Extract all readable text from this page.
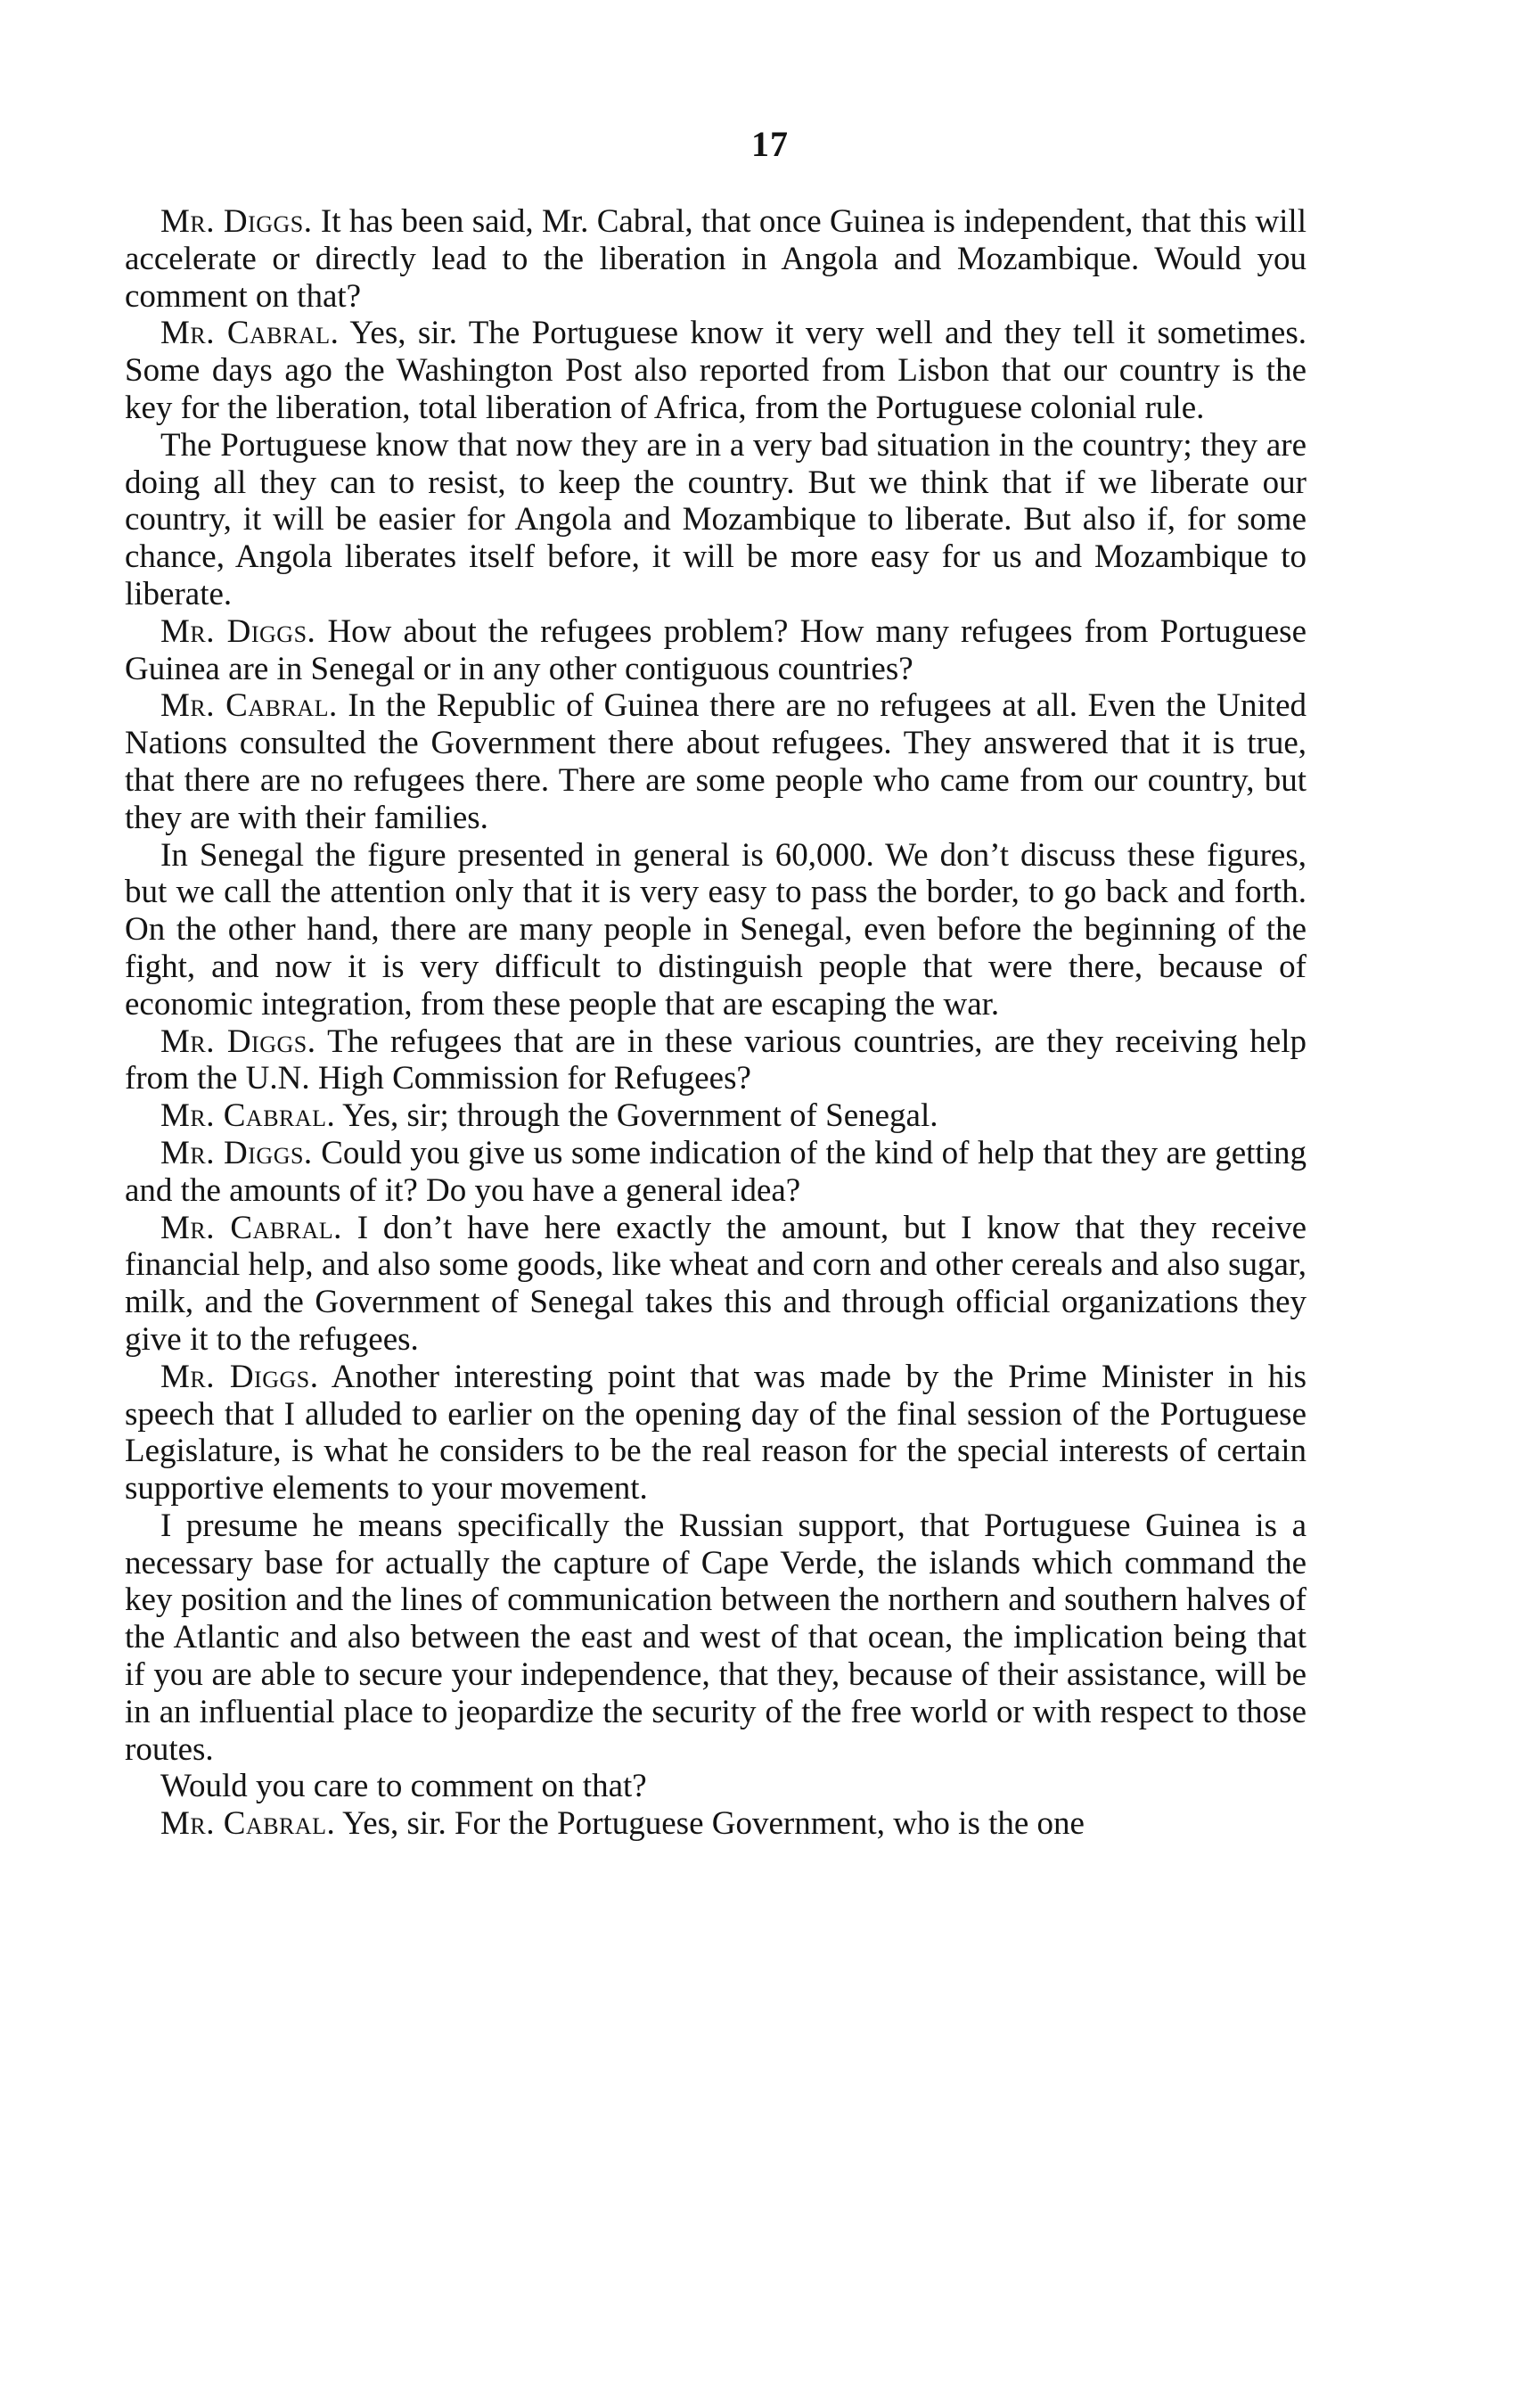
17

Mr. Diggs. It has been said, Mr. Cabral, that once Guinea is independent, that this will accelerate or directly lead to the liberation in Angola and Mozambique. Would you comment on that?

Mr. Cabral. Yes, sir. The Portuguese know it very well and they tell it sometimes. Some days ago the Washington Post also reported from Lisbon that our country is the key for the liberation, total liberation of Africa, from the Portuguese colonial rule.

The Portuguese know that now they are in a very bad situation in the country; they are doing all they can to resist, to keep the country. But we think that if we liberate our country, it will be easier for Angola and Mozambique to liberate. But also if, for some chance, Angola liberates itself before, it will be more easy for us and Mozambique to liberate.

Mr. Diggs. How about the refugees problem? How many refugees from Portuguese Guinea are in Senegal or in any other contiguous countries?

Mr. Cabral. In the Republic of Guinea there are no refugees at all. Even the United Nations consulted the Government there about refugees. They answered that it is true, that there are no refugees there. There are some people who came from our country, but they are with their families.

In Senegal the figure presented in general is 60,000. We don’t discuss these figures, but we call the attention only that it is very easy to pass the border, to go back and forth. On the other hand, there are many people in Senegal, even before the beginning of the fight, and now it is very difficult to distinguish people that were there, because of economic integration, from these people that are escaping the war.

Mr. Diggs. The refugees that are in these various countries, are they receiving help from the U.N. High Commission for Refugees?

Mr. Cabral. Yes, sir; through the Government of Senegal.

Mr. Diggs. Could you give us some indication of the kind of help that they are getting and the amounts of it? Do you have a general idea?

Mr. Cabral. I don’t have here exactly the amount, but I know that they receive financial help, and also some goods, like wheat and corn and other cereals and also sugar, milk, and the Government of Senegal takes this and through official organizations they give it to the refugees.

Mr. Diggs. Another interesting point that was made by the Prime Minister in his speech that I alluded to earlier on the opening day of the final session of the Portuguese Legislature, is what he considers to be the real reason for the special interests of certain supportive elements to your movement.

I presume he means specifically the Russian support, that Portuguese Guinea is a necessary base for actually the capture of Cape Verde, the islands which command the key position and the lines of communication between the northern and southern halves of the Atlantic and also between the east and west of that ocean, the implication being that if you are able to secure your independence, that they, because of their assistance, will be in an influential place to jeopardize the security of the free world or with respect to those routes.

Would you care to comment on that?

Mr. Cabral. Yes, sir. For the Portuguese Government, who is the one
